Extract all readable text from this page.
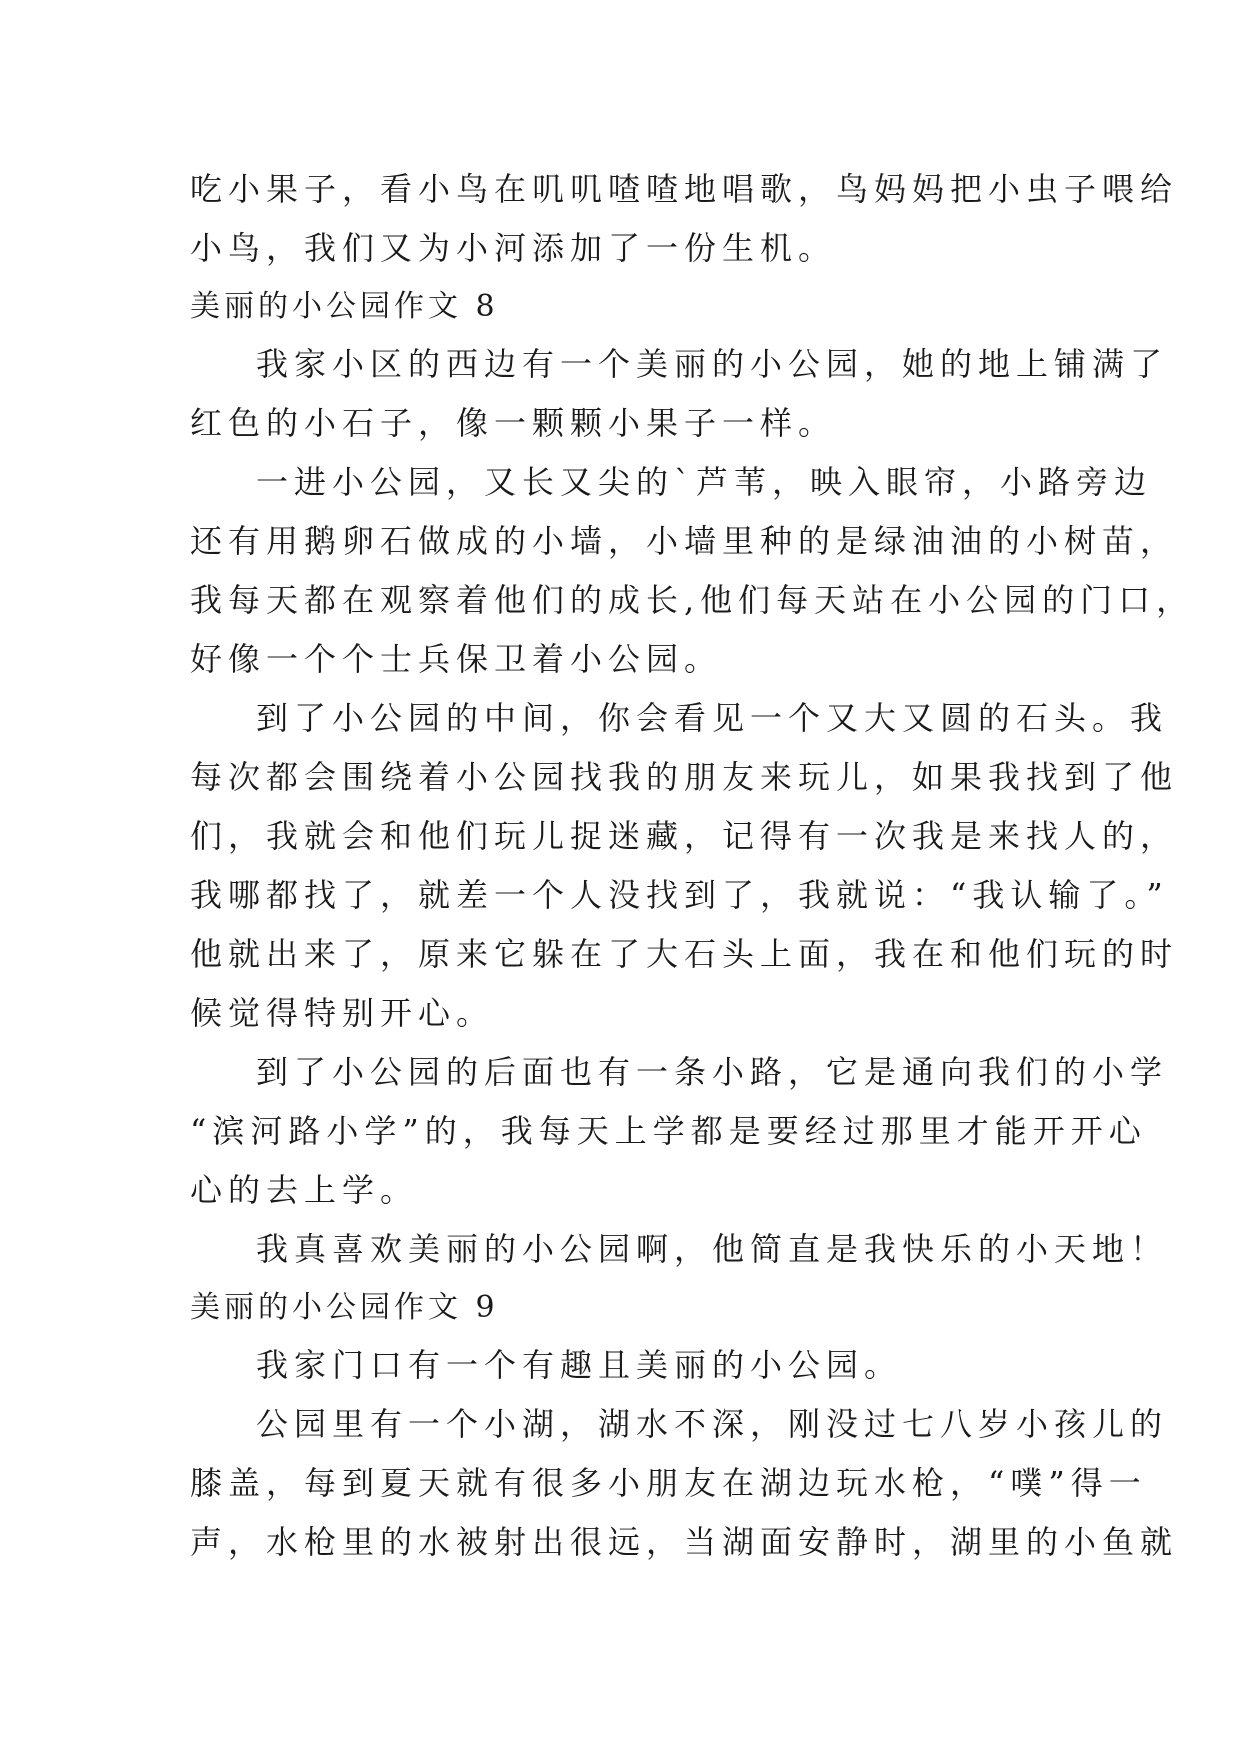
吃小果子，看小鸟在叽叽喳喳地唱歌，鸟妈妈把小虫子喂给
小鸟，我们又为小河添加了一份生机。
美丽的小公园作文 8
我家小区的西边有一个美丽的小公园，她的地上铺满了
红色的小石子，像一颗颗小果子一样。
一进小公园，又长又尖的`芦苇，映入眼帘，小路旁边
还有用鹅卵石做成的小墙，小墙里种的是绿油油的小树苗，
我每天都在观察着他们的成长,他们每天站在小公园的门口，
好像一个个士兵保卫着小公园。
到了小公园的中间，你会看见一个又大又圆的石头。我
每次都会围绕着小公园找我的朋友来玩儿，如果我找到了他
们，我就会和他们玩儿捉迷藏，记得有一次我是来找人的，
我哪都找了，就差一个人没找到了，我就说：“我认输了。”
他就出来了，原来它躲在了大石头上面，我在和他们玩的时
候觉得特别开心。
到了小公园的后面也有一条小路，它是通向我们的小学
“滨河路小学”的，我每天上学都是要经过那里才能开开心
心的去上学。
我真喜欢美丽的小公园啊，他简直是我快乐的小天地！
美丽的小公园作文 9
我家门口有一个有趣且美丽的小公园。
公园里有一个小湖，湖水不深，刚没过七八岁小孩儿的
膝盖，每到夏天就有很多小朋友在湖边玩水枪，“噗”得一
声，水枪里的水被射出很远，当湖面安静时，湖里的小鱼就
